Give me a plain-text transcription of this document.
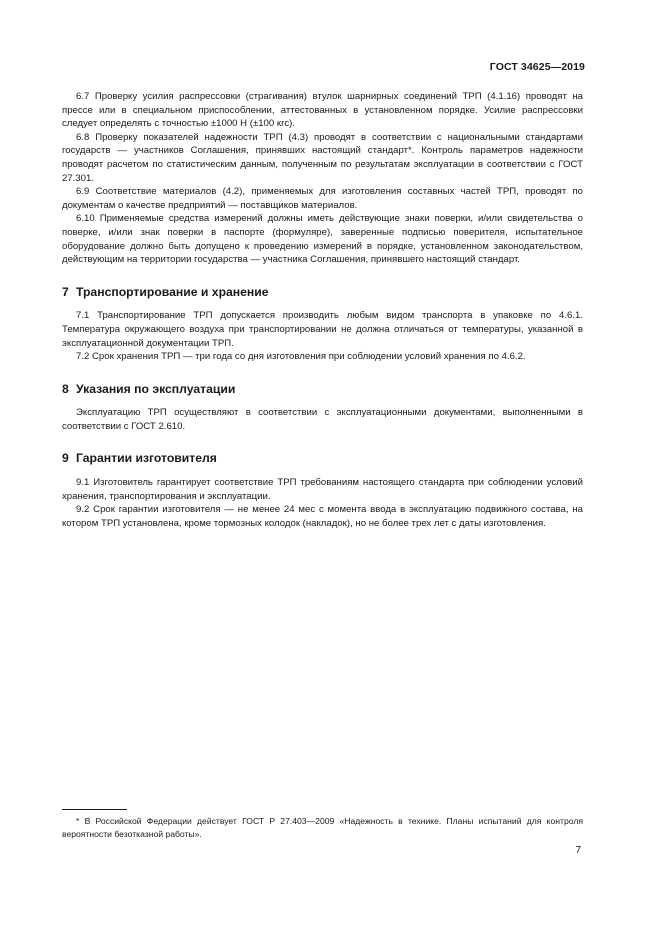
ГОСТ 34625—2019

6.7 Проверку усилия распрессовки (страгивания) втулок шарнирных соединений ТРП (4.1.16) проводят на прессе или в специальном приспособлении, аттестованных в установленном порядке. Усилие распрессовки следует определять с точностью ±1000 Н (±100 кгс).

6.8 Проверку показателей надежности ТРП (4.3) проводят в соответствии с национальными стандартами государств — участников Соглашения, принявших настоящий стандарт*. Контроль параметров надежности проводят расчетом по статистическим данным, полученным по результатам эксплуатации в соответствии с ГОСТ 27.301.

6.9 Соответствие материалов (4.2), применяемых для изготовления составных частей ТРП, проводят по документам о качестве предприятий — поставщиков материалов.

6.10 Применяемые средства измерений должны иметь действующие знаки поверки, и/или свидетельства о поверке, и/или знак поверки в паспорте (формуляре), заверенные подписью поверителя, испытательное оборудование должно быть допущено к проведению измерений в порядке, установленном законодательством, действующим на территории государства — участника Соглашения, принявшего настоящий стандарт.

7 Транспортирование и хранение

7.1 Транспортирование ТРП допускается производить любым видом транспорта в упаковке по 4.6.1. Температура окружающего воздуха при транспортировании не должна отличаться от температуры, указанной в эксплуатационной документации ТРП.

7.2 Срок хранения ТРП — три года со дня изготовления при соблюдении условий хранения по 4.6.2.

8 Указания по эксплуатации

Эксплуатацию ТРП осуществляют в соответствии с эксплуатационными документами, выполненными в соответствии с ГОСТ 2.610.

9 Гарантии изготовителя

9.1 Изготовитель гарантирует соответствие ТРП требованиям настоящего стандарта при соблюдении условий хранения, транспортирования и эксплуатации.

9.2 Срок гарантии изготовителя — не менее 24 мес с момента ввода в эксплуатацию подвижного состава, на котором ТРП установлена, кроме тормозных колодок (накладок), но не более трех лет с даты изготовления.

* В Российской Федерации действует ГОСТ Р 27.403—2009 «Надежность в технике. Планы испытаний для контроля вероятности безотказной работы».

7
